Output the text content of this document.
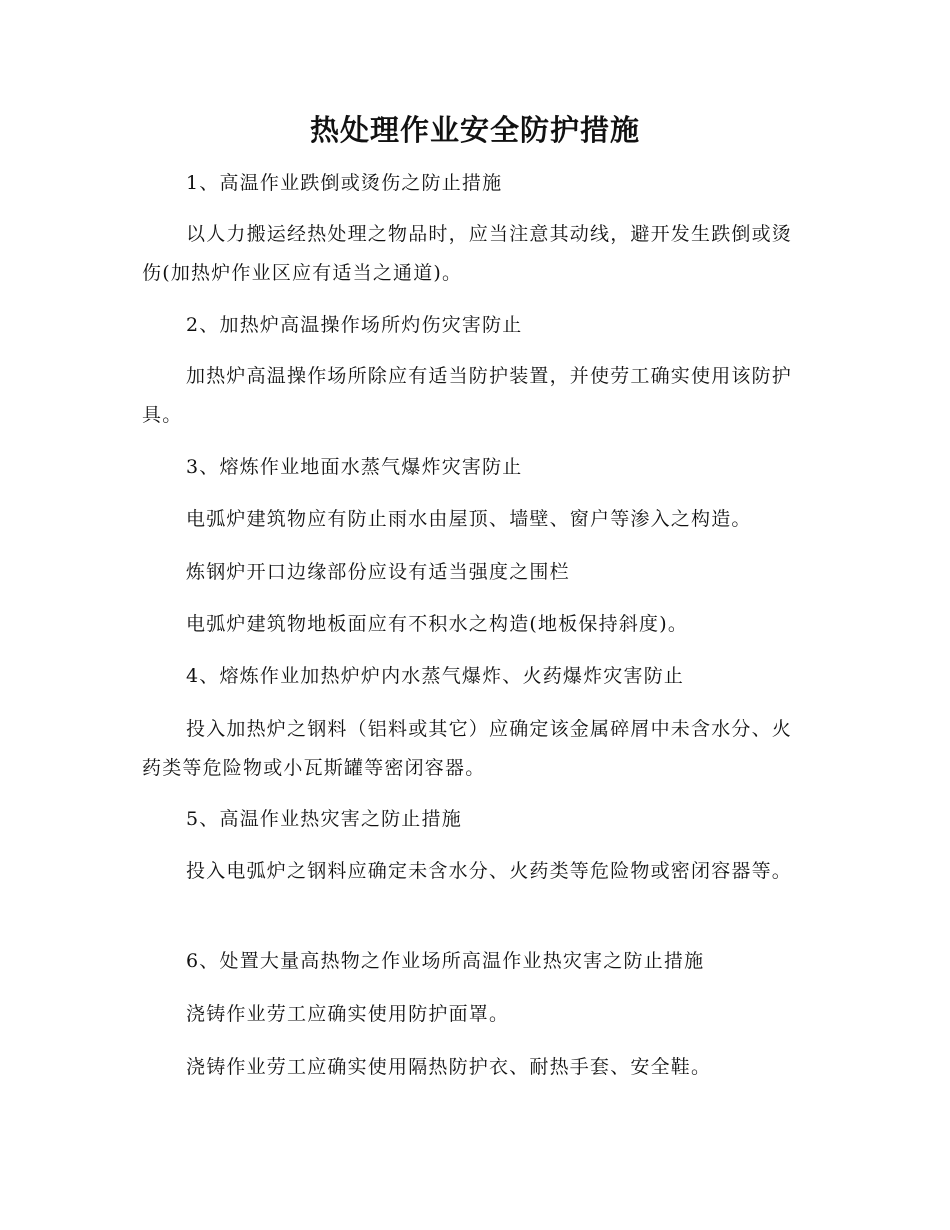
热处理作业安全防护措施
1、高温作业跌倒或烫伤之防止措施
以人力搬运经热处理之物品时，应当注意其动线，避开发生跌倒或烫伤(加热炉作业区应有适当之通道)。
2、加热炉高温操作场所灼伤灾害防止
加热炉高温操作场所除应有适当防护装置，并使劳工确实使用该防护具。
3、熔炼作业地面水蒸气爆炸灾害防止
电弧炉建筑物应有防止雨水由屋顶、墙壁、窗户等渗入之构造。
炼钢炉开口边缘部份应设有适当强度之围栏
电弧炉建筑物地板面应有不积水之构造(地板保持斜度)。
4、熔炼作业加热炉炉内水蒸气爆炸、火药爆炸灾害防止
投入加热炉之钢料（铝料或其它）应确定该金属碎屑中未含水分、火药类等危险物或小瓦斯罐等密闭容器。
5、高温作业热灾害之防止措施
投入电弧炉之钢料应确定未含水分、火药类等危险物或密闭容器等。
6、处置大量高热物之作业场所高温作业热灾害之防止措施
浇铸作业劳工应确实使用防护面罩。
浇铸作业劳工应确实使用隔热防护衣、耐热手套、安全鞋。
